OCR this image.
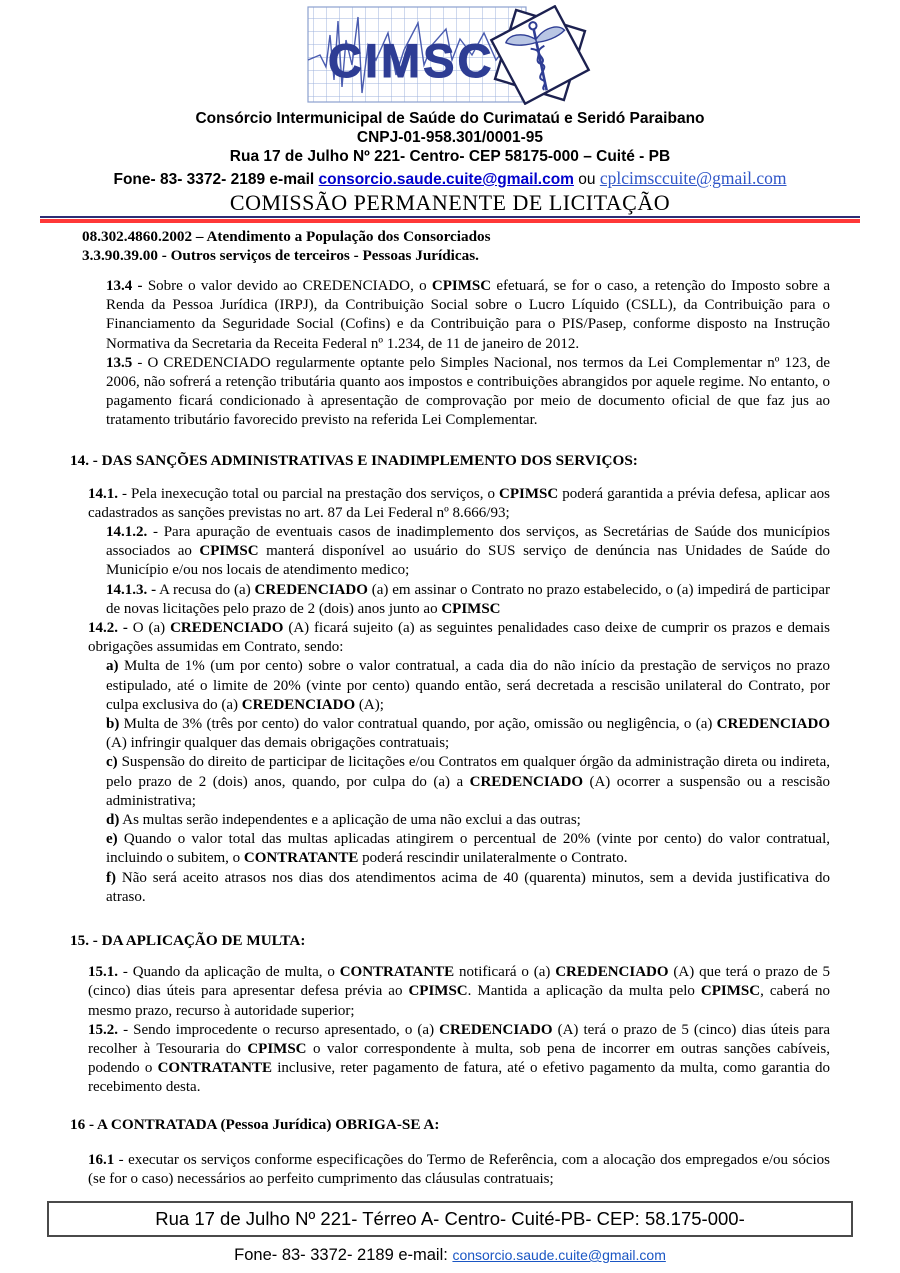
CIMSC
Consórcio Intermunicipal de Saúde do Curimataú e Seridó Paraibano
CNPJ-01-958.301/0001-95
Rua 17 de Julho Nº 221- Centro- CEP 58175-000 – Cuité - PB
Fone- 83- 3372- 2189 e-mail consorcio.saude.cuite@gmail.com ou cplcimsccuite@gmail.com
COMISSÃO PERMANENTE DE LICITAÇÃO
08.302.4860.2002 – Atendimento a População dos Consorciados
3.3.90.39.00 - Outros serviços de terceiros - Pessoas Jurídicas.

13.4 - Sobre o valor devido ao CREDENCIADO, o CPIMSC efetuará, se for o caso, a retenção do Imposto sobre a Renda da Pessoa Jurídica (IRPJ), da Contribuição Social sobre o Lucro Líquido (CSLL), da Contribuição para o Financiamento da Seguridade Social (Cofins) e da Contribuição para o PIS/Pasep, conforme disposto na Instrução Normativa da Secretaria da Receita Federal nº 1.234, de 11 de janeiro de 2012.

13.5 - O CREDENCIADO regularmente optante pelo Simples Nacional, nos termos da Lei Complementar nº 123, de 2006, não sofrerá a retenção tributária quanto aos impostos e contribuições abrangidos por aquele regime. No entanto, o pagamento ficará condicionado à apresentação de comprovação por meio de documento oficial de que faz jus ao tratamento tributário favorecido previsto na referida Lei Complementar.

14. - DAS SANÇÕES ADMINISTRATIVAS E INADIMPLEMENTO DOS SERVIÇOS:

14.1. - Pela inexecução total ou parcial na prestação dos serviços, o CPIMSC poderá garantida a prévia defesa, aplicar aos cadastrados as sanções previstas no art. 87 da Lei Federal nº 8.666/93;

14.1.2. - Para apuração de eventuais casos de inadimplemento dos serviços, as Secretárias de Saúde dos municípios associados ao CPIMSC manterá disponível ao usuário do SUS serviço de denúncia nas Unidades de Saúde do Município e/ou nos locais de atendimento medico;

14.1.3. - A recusa do (a) CREDENCIADO (a) em assinar o Contrato no prazo estabelecido, o (a) impedirá de participar de novas licitações pelo prazo de 2 (dois) anos junto ao CPIMSC

14.2. - O (a) CREDENCIADO (A) ficará sujeito (a) as seguintes penalidades caso deixe de cumprir os prazos e demais obrigações assumidas em Contrato, sendo:

a) Multa de 1% (um por cento) sobre o valor contratual, a cada dia do não início da prestação de serviços no prazo estipulado, até o limite de 20% (vinte por cento) quando então, será decretada a rescisão unilateral do Contrato, por culpa exclusiva do (a) CREDENCIADO (A);

b) Multa de 3% (três por cento) do valor contratual quando, por ação, omissão ou negligência, o (a) CREDENCIADO (A) infringir qualquer das demais obrigações contratuais;

c) Suspensão do direito de participar de licitações e/ou Contratos em qualquer órgão da administração direta ou indireta, pelo prazo de 2 (dois) anos, quando, por culpa do (a) a CREDENCIADO (A) ocorrer a suspensão ou a rescisão administrativa;

d) As multas serão independentes e a aplicação de uma não exclui a das outras;

e) Quando o valor total das multas aplicadas atingirem o percentual de 20% (vinte por cento) do valor contratual, incluindo o subitem, o CONTRATANTE poderá rescindir unilateralmente o Contrato.

f) Não será aceito atrasos nos dias dos atendimentos acima de 40 (quarenta) minutos, sem a devida justificativa do atraso.

15. - DA APLICAÇÃO DE MULTA:

15.1. - Quando da aplicação de multa, o CONTRATANTE notificará o (a) CREDENCIADO (A) que terá o prazo de 5 (cinco) dias úteis para apresentar defesa prévia ao CPIMSC. Mantida a aplicação da multa pelo CPIMSC, caberá no mesmo prazo, recurso à autoridade superior;

15.2. - Sendo improcedente o recurso apresentado, o (a) CREDENCIADO (A) terá o prazo de 5 (cinco) dias úteis para recolher à Tesouraria do CPIMSC o valor correspondente à multa, sob pena de incorrer em outras sanções cabíveis, podendo o CONTRATANTE inclusive, reter pagamento de fatura, até o efetivo pagamento da multa, como garantia do recebimento desta.

16 - A CONTRATADA (Pessoa Jurídica) OBRIGA-SE A:

16.1 - executar os serviços conforme especificações do Termo de Referência, com a alocação dos empregados e/ou sócios (se for o caso) necessários ao perfeito cumprimento das cláusulas contratuais;

Rua 17 de Julho Nº 221- Térreo A- Centro- Cuité-PB- CEP: 58.175-000-
Fone- 83- 3372- 2189 e-mail: consorcio.saude.cuite@gmail.com
